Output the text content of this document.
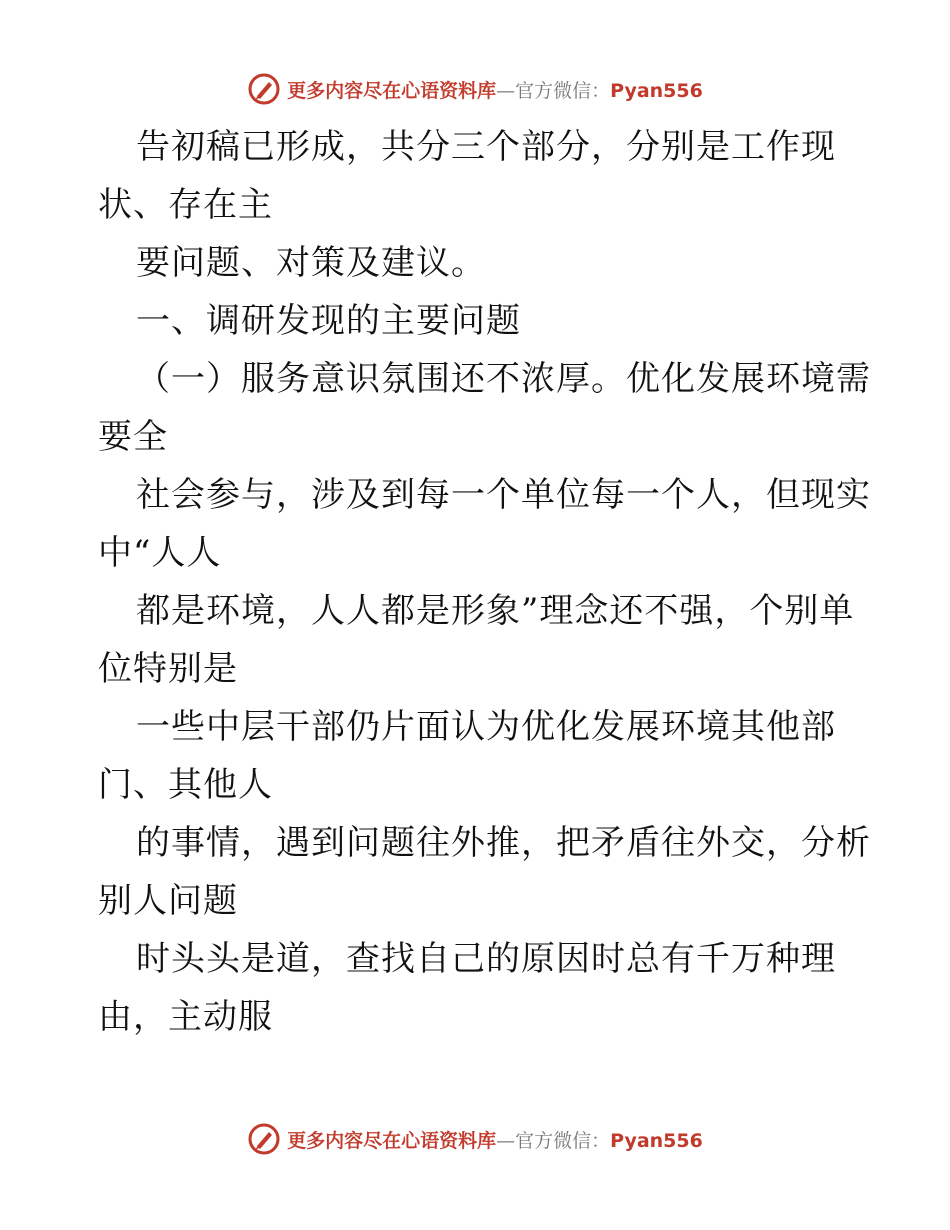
更多内容尽在心语资料库—官方微信：Pyan556
告初稿已形成，共分三个部分，分别是工作现
状、存在主
要问题、对策及建议。
一、调研发现的主要问题
（一）服务意识氛围还不浓厚。优化发展环境需
要全
社会参与，涉及到每一个单位每一个人，但现实
中“人人
都是环境，人人都是形象”理念还不强，个别单
位特别是
一些中层干部仍片面认为优化发展环境其他部
门、其他人
的事情，遇到问题往外推，把矛盾往外交，分析
别人问题
时头头是道，查找自己的原因时总有千万种理
由，主动服
更多内容尽在心语资料库—官方微信：Pyan556
